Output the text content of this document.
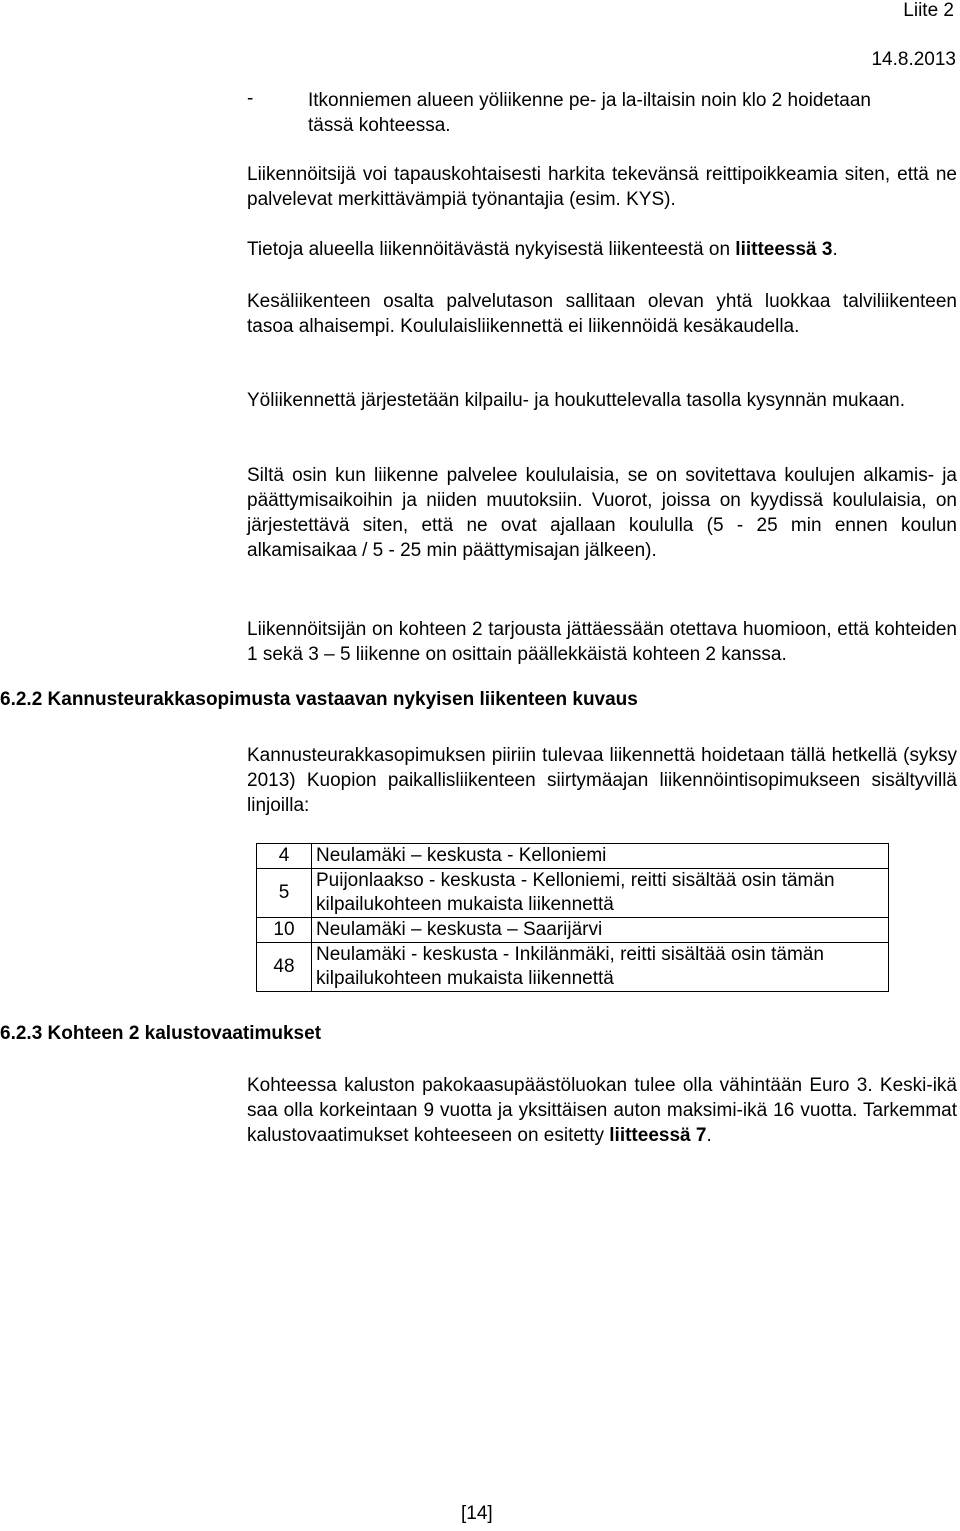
Liite 2
14.8.2013
-	Itkonniemen alueen yöliikenne pe- ja la-iltaisin noin klo 2 hoidetaan
tässä kohteessa.
Liikennöitsijä voi tapauskohtaisesti harkita tekevänsä reittipoikkeamia siten, että ne palvelevat merkittävämpiä työnantajia (esim. KYS).
Tietoja alueella liikennöitävästä nykyisestä liikenteestä on liitteessä 3.
Kesäliikenteen osalta palvelutason sallitaan olevan yhtä luokkaa talviliikenteen tasoa alhaisempi. Koululaisliikennettä ei liikennöidä kesäkaudella.
Yöliikennettä järjestetään kilpailu- ja houkuttelevalla tasolla kysynnän mukaan.
Siltä osin kun liikenne palvelee koululaisia, se on sovitettava koulujen alkamis- ja päättymisaikoihin ja niiden muutoksiin. Vuorot, joissa on kyydissä koululaisia, on järjestettävä siten, että ne ovat ajallaan koululla (5 - 25 min ennen koulun alkamisaikaa / 5 - 25 min päättymisajan jälkeen).
Liikennöitsijän on kohteen 2 tarjousta jättäessään otettava huomioon, että kohteiden 1 sekä 3 – 5 liikenne on osittain päällekkäistä kohteen 2 kanssa.
6.2.2 Kannusteurakkasopimusta vastaavan nykyisen liikenteen kuvaus
Kannusteurakkasopimuksen piiriin tulevaa liikennettä hoidetaan tällä hetkellä (syksy 2013) Kuopion paikallisliikenteen siirtymäajan liikennöintisopimukseen sisältyvillä linjoilla:
4	Neulamäki – keskusta - Kelloniemi
5	Puijonlaakso - keskusta - Kelloniemi, reitti sisältää osin tämän kilpailukohteen mukaista liikennettä
10	Neulamäki – keskusta – Saarijärvi
48	Neulamäki - keskusta - Inkilänmäki, reitti sisältää osin tämän kilpailukohteen mukaista liikennettä
6.2.3 Kohteen 2 kalustovaatimukset
Kohteessa kaluston pakokaasupäästöluokan tulee olla vähintään Euro 3. Keski-ikä saa olla korkeintaan 9 vuotta ja yksittäisen auton maksimi-ikä 16 vuotta. Tarkemmat kalustovaatimukset kohteeseen on esitetty liitteessä 7.
[14]
